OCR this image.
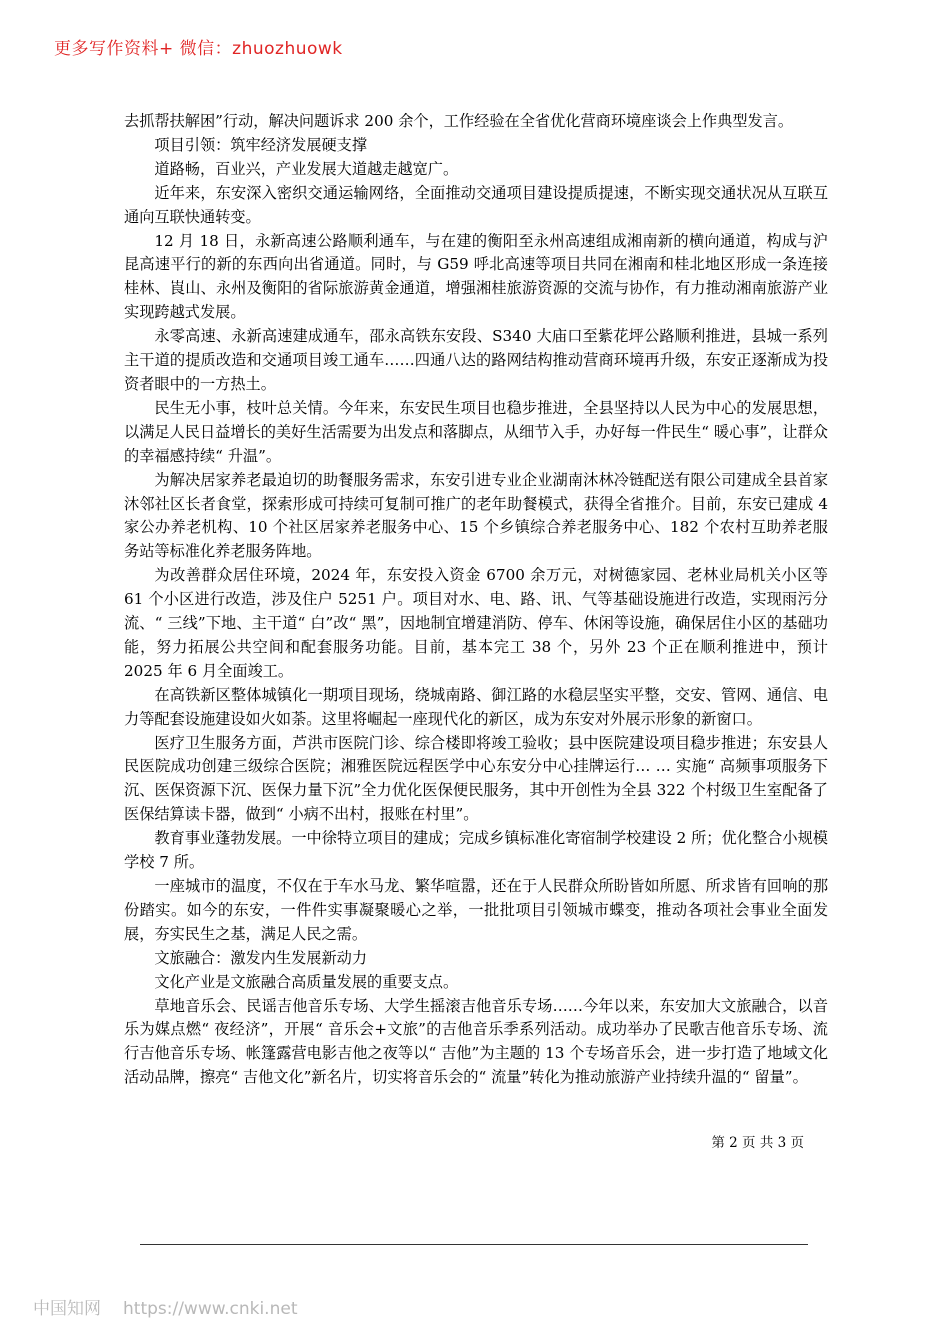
更多写作资料+ 微信：zhuozhuowk

去抓帮扶解困”行动，解决问题诉求 200 余个，工作经验在全省优化营商环境座谈会上作典型发言。

项目引领：筑牢经济发展硬支撑

道路畅，百业兴，产业发展大道越走越宽广。

近年来，东安深入密织交通运输网络，全面推动交通项目建设提质提速，不断实现交通状况从互联互通向互联快通转变。

12 月 18 日，永新高速公路顺利通车，与在建的衡阳至永州高速组成湘南新的横向通道，构成与沪昆高速平行的新的东西向出省通道。同时，与 G59 呼北高速等项目共同在湘南和桂北地区形成一条连接桂林、崀山、永州及衡阳的省际旅游黄金通道，增强湘桂旅游资源的交流与协作，有力推动湘南旅游产业实现跨越式发展。

永零高速、永新高速建成通车，邵永高铁东安段、S340 大庙口至紫花坪公路顺利推进，县城一系列主干道的提质改造和交通项目竣工通车……四通八达的路网结构推动营商环境再升级，东安正逐渐成为投资者眼中的一方热土。

民生无小事，枝叶总关情。今年来，东安民生项目也稳步推进，全县坚持以人民为中心的发展思想，以满足人民日益增长的美好生活需要为出发点和落脚点，从细节入手，办好每一件民生“ 暖心事”，让群众的幸福感持续“ 升温”。

为解决居家养老最迫切的助餐服务需求，东安引进专业企业湖南沐林冷链配送有限公司建成全县首家沐邻社区长者食堂，探索形成可持续可复制可推广的老年助餐模式，获得全省推介。目前，东安已建成 4 家公办养老机构、10 个社区居家养老服务中心、15 个乡镇综合养老服务中心、182 个农村互助养老服务站等标准化养老服务阵地。

为改善群众居住环境，2024 年，东安投入资金 6700 余万元，对树德家园、老林业局机关小区等 61 个小区进行改造，涉及住户 5251 户。项目对水、电、路、讯、气等基础设施进行改造，实现雨污分流、“ 三线”下地、主干道“ 白”改“ 黑”，因地制宜增建消防、停车、休闲等设施，确保居住小区的基础功能，努力拓展公共空间和配套服务功能。目前，基本完工 38 个，另外 23 个正在顺利推进中，预计 2025 年 6 月全面竣工。

在高铁新区整体城镇化一期项目现场，绕城南路、御江路的水稳层坚实平整，交安、管网、通信、电力等配套设施建设如火如荼。这里将崛起一座现代化的新区，成为东安对外展示形象的新窗口。

医疗卫生服务方面，芦洪市医院门诊、综合楼即将竣工验收；县中医院建设项目稳步推进；东安县人民医院成功创建三级综合医院；湘雅医院远程医学中心东安分中心挂牌运行… … 实施“ 高频事项服务下沉、医保资源下沉、医保力量下沉”全力优化医保便民服务，其中开创性为全县 322 个村级卫生室配备了医保结算读卡器，做到“ 小病不出村，报账在村里”。

教育事业蓬勃发展。一中徐特立项目的建成；完成乡镇标准化寄宿制学校建设 2 所；优化整合小规模学校 7 所。

一座城市的温度，不仅在于车水马龙、繁华喧嚣，还在于人民群众所盼皆如所愿、所求皆有回响的那份踏实。如今的东安，一件件实事凝聚暖心之举，一批批项目引领城市蝶变，推动各项社会事业全面发展，夯实民生之基，满足人民之需。

文旅融合：激发内生发展新动力

文化产业是文旅融合高质量发展的重要支点。

草地音乐会、民谣吉他音乐专场、大学生摇滚吉他音乐专场……今年以来，东安加大文旅融合，以音乐为媒点燃“ 夜经济”，开展“ 音乐会+文旅”的吉他音乐季系列活动。成功举办了民歌吉他音乐专场、流行吉他音乐专场、帐篷露营电影吉他之夜等以“ 吉他”为主题的 13 个专场音乐会，进一步打造了地域文化活动品牌，擦亮“ 吉他文化”新名片，切实将音乐会的“ 流量”转化为推动旅游产业持续升温的“ 留量”。

第 2 页 共 3 页
中国知网 https://www.cnki.net
